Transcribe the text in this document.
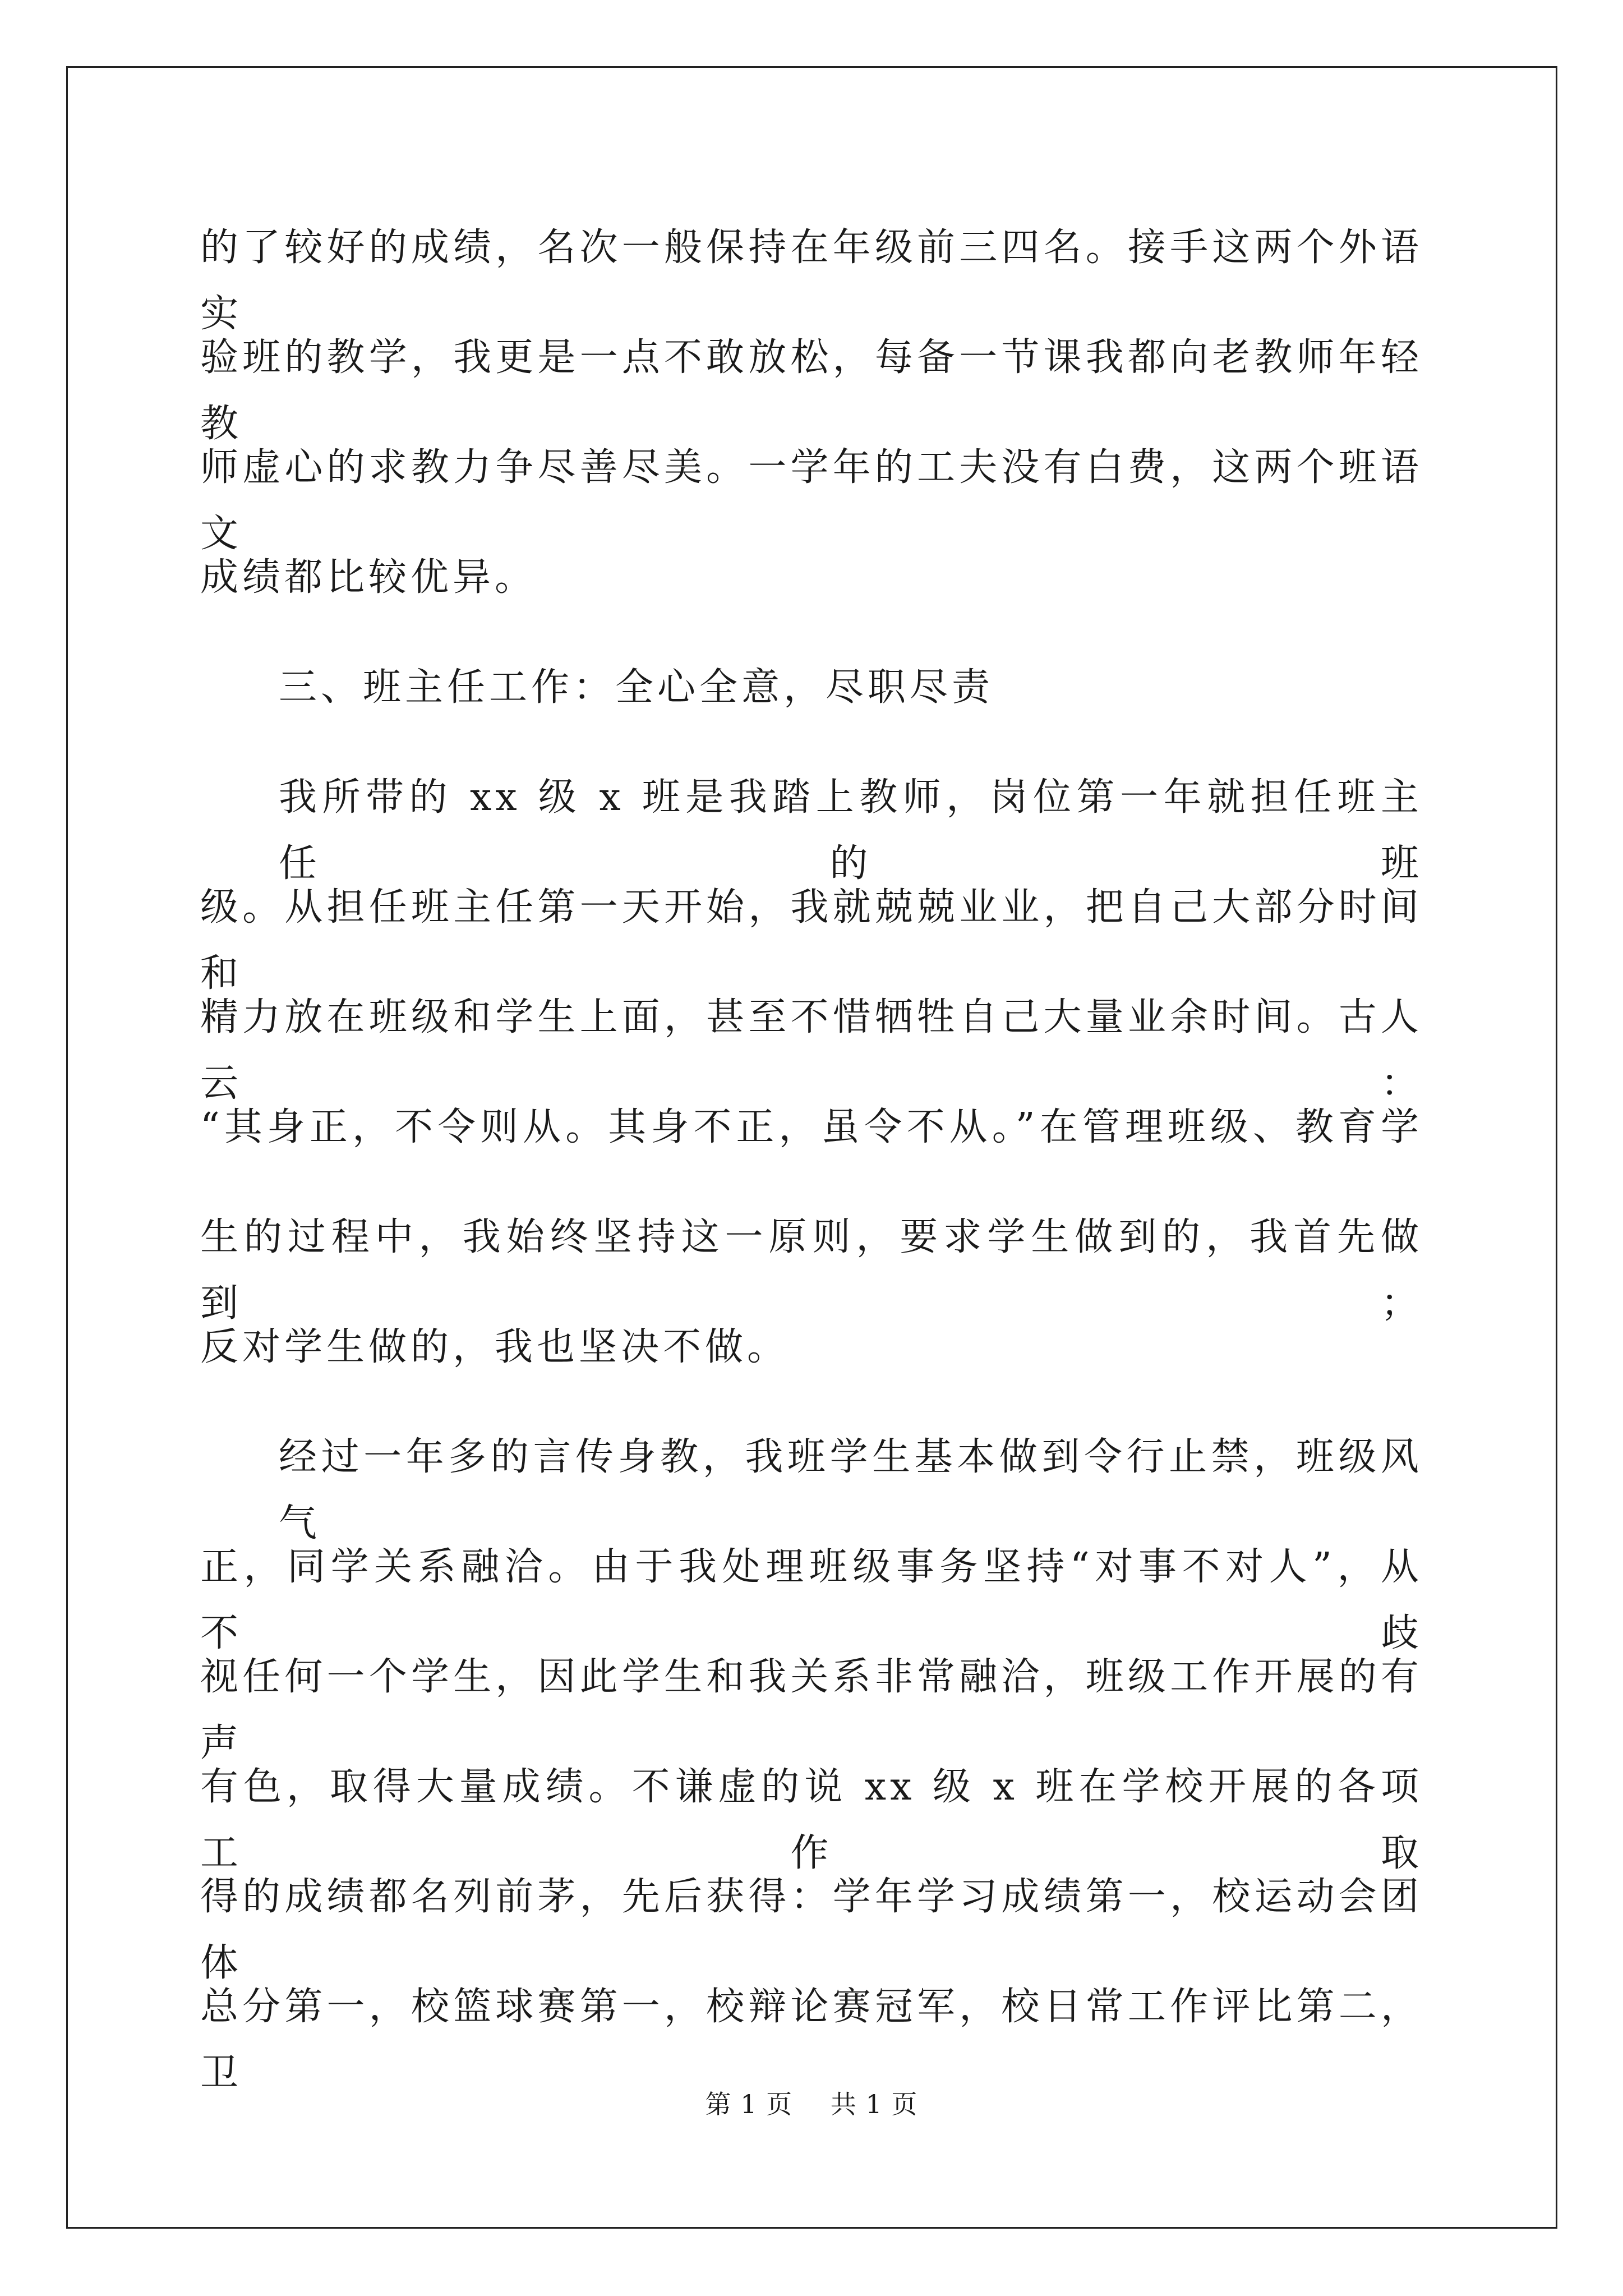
的了较好的成绩，名次一般保持在年级前三四名。接手这两个外语实
验班的教学，我更是一点不敢放松，每备一节课我都向老教师年轻教
师虚心的求教力争尽善尽美。一学年的工夫没有白费，这两个班语文
成绩都比较优异。
三、班主任工作：全心全意，尽职尽责
我所带的 xx 级 x 班是我踏上教师，岗位第一年就担任班主任的班
级。从担任班主任第一天开始，我就兢兢业业，把自己大部分时间和
精力放在班级和学生上面，甚至不惜牺牲自己大量业余时间。古人云：
“其身正，不令则从。其身不正，虽令不从。”在管理班级、教育学
生的过程中，我始终坚持这一原则，要求学生做到的，我首先做到；
反对学生做的，我也坚决不做。
经过一年多的言传身教，我班学生基本做到令行止禁，班级风气
正，同学关系融洽。由于我处理班级事务坚持“对事不对人”，从不歧
视任何一个学生，因此学生和我关系非常融洽，班级工作开展的有声
有色，取得大量成绩。不谦虚的说 xx 级 x 班在学校开展的各项工作取
得的成绩都名列前茅，先后获得：学年学习成绩第一，校运动会团体
总分第一，校篮球赛第一，校辩论赛冠军，校日常工作评比第二，卫
第 1 页 共 1 页
